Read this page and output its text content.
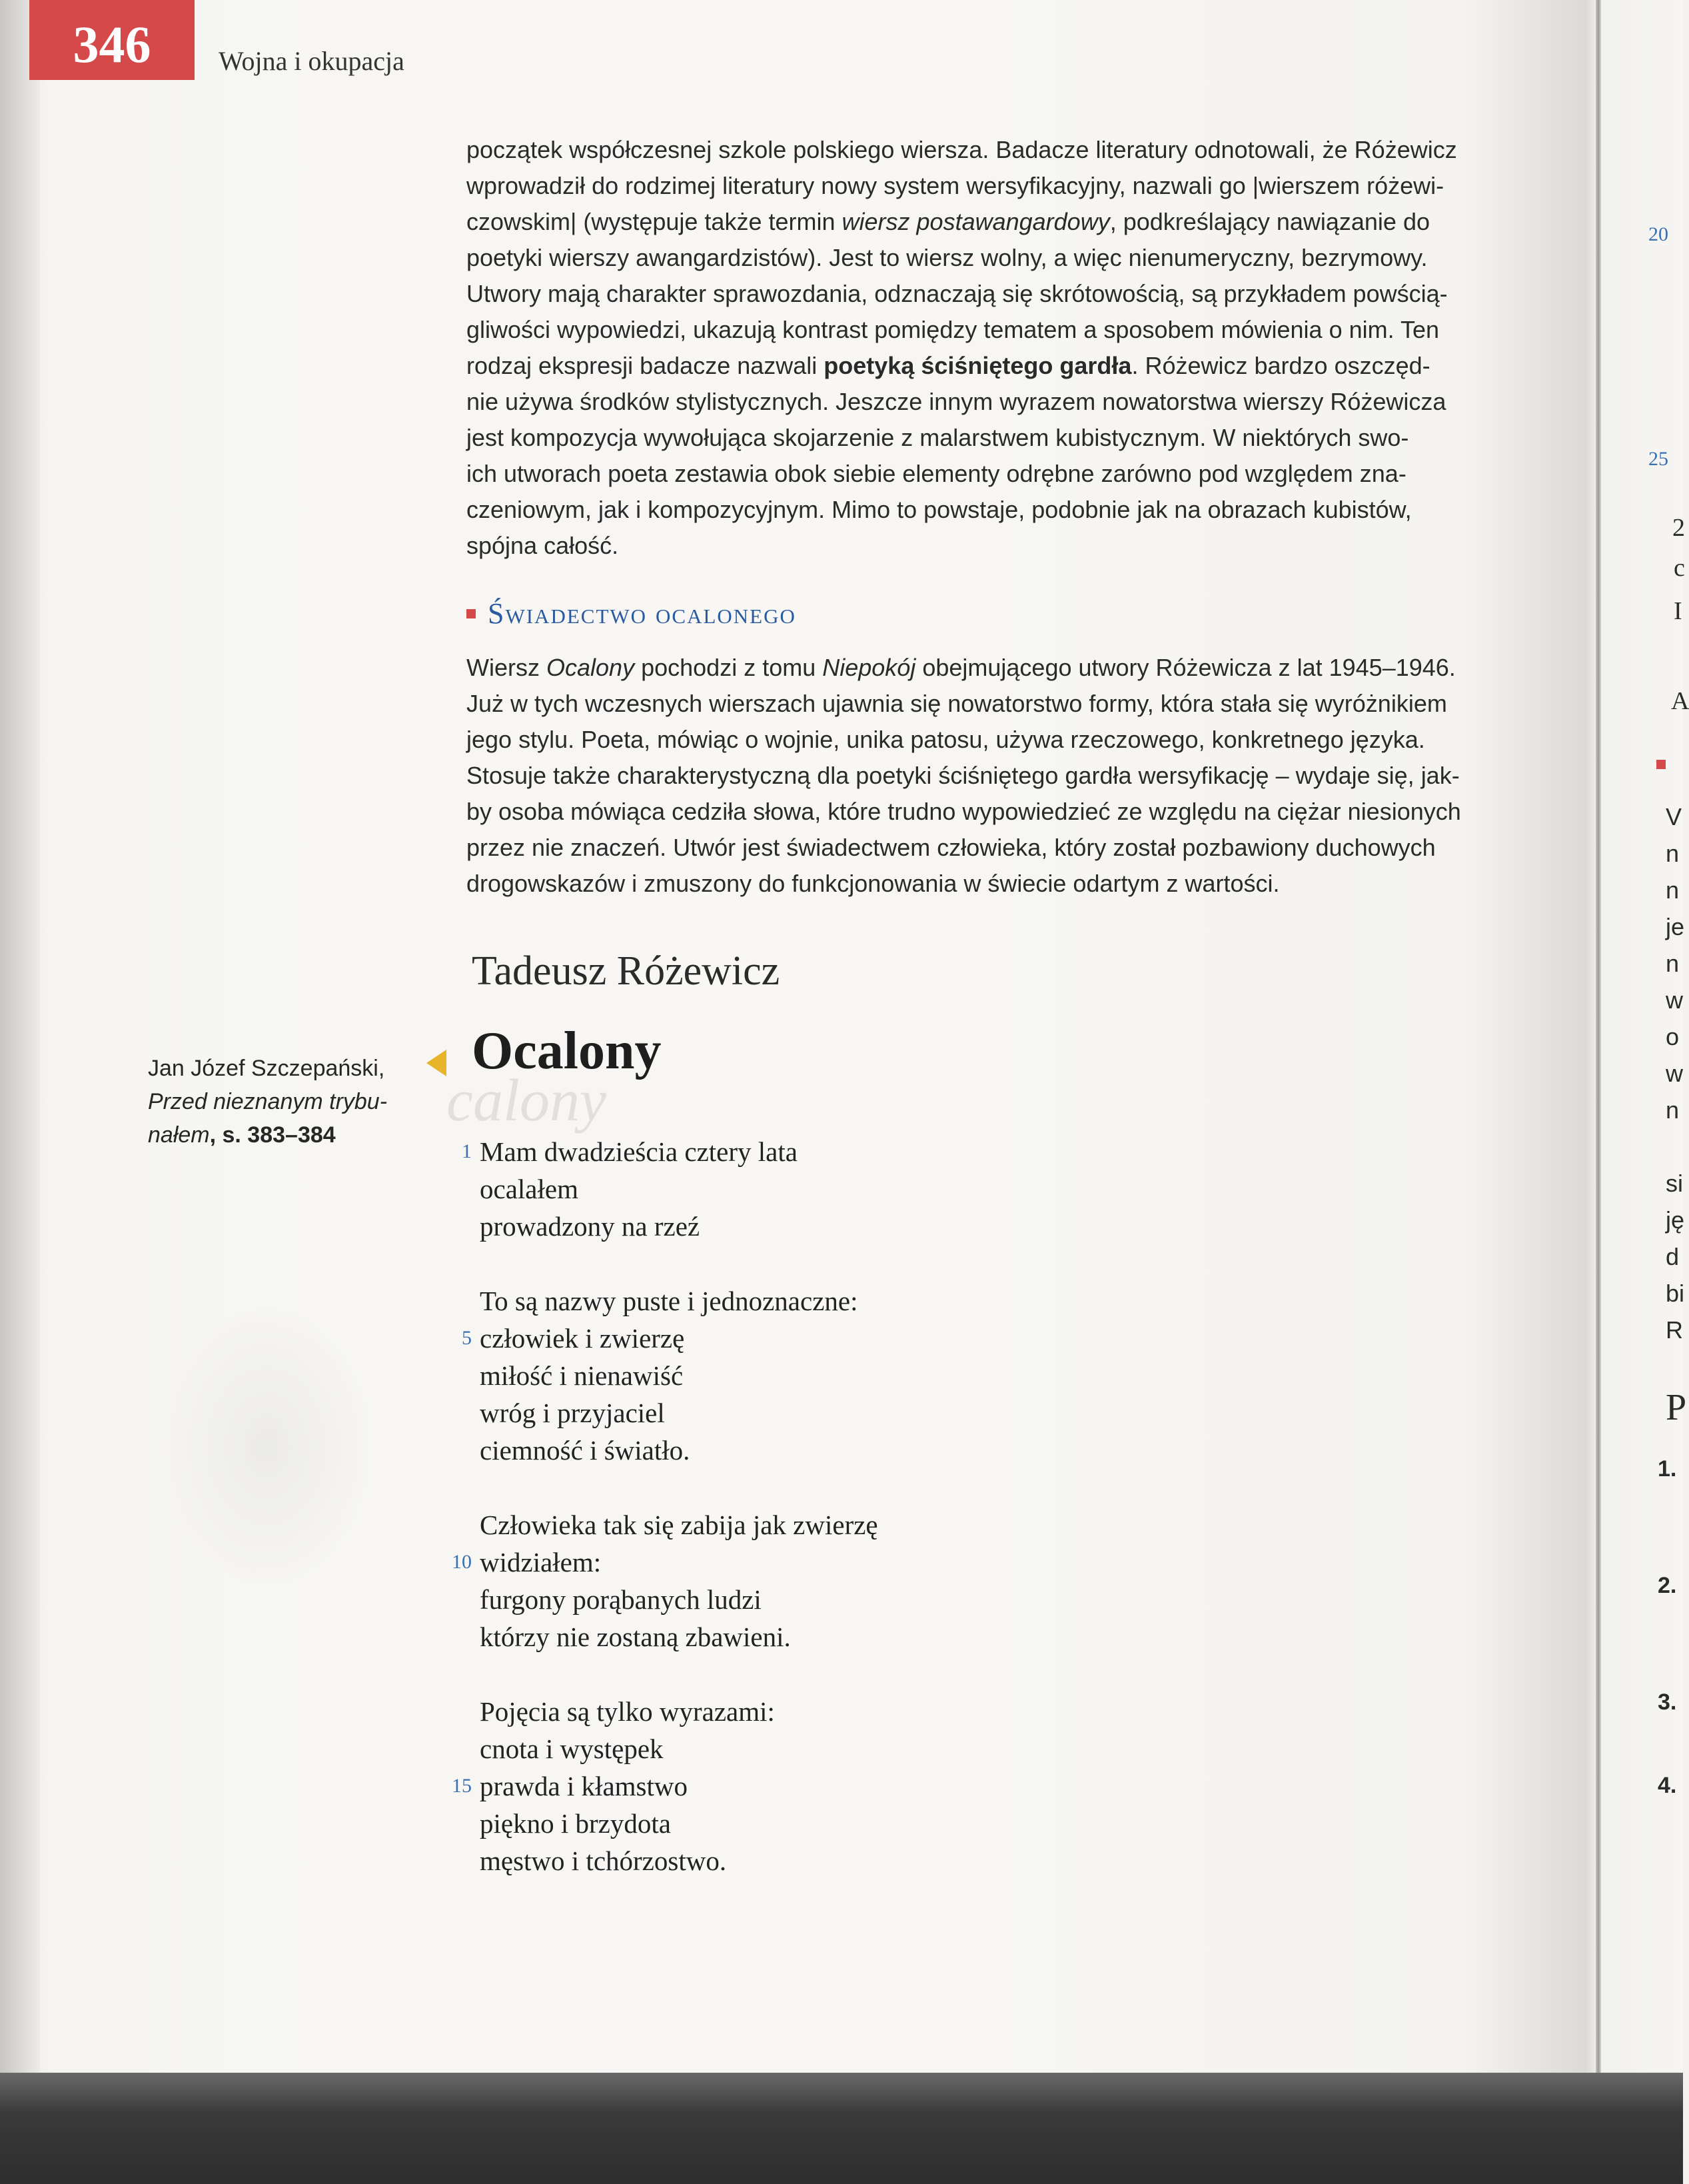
346	Wojna i okupacja
początek współczesnej szkole polskiego wiersza. Badacze literatury odnotowali, że Różewicz
wprowadził do rodzimej literatury nowy system wersyfikacyjny, nazwali go |wierszem różewi-
czowskim| (występuje także termin wiersz postawangardowy, podkreślający nawiązanie do
poetyki wierszy awangardzistów). Jest to wiersz wolny, a więc nienumeryczny, bezrymowy.
Utwory mają charakter sprawozdania, odznaczają się skrótowością, są przykładem powścią-
gliwości wypowiedzi, ukazują kontrast pomiędzy tematem a sposobem mówienia o nim. Ten
rodzaj ekspresji badacze nazwali poetyką ściśniętego gardła. Różewicz bardzo oszczęd-
nie używa środków stylistycznych. Jeszcze innym wyrazem nowatorstwa wierszy Różewicza
jest kompozycja wywołująca skojarzenie z malarstwem kubistycznym. W niektórych swo-
ich utworach poeta zestawia obok siebie elementy odrębne zarówno pod względem zna-
czeniowym, jak i kompozycyjnym. Mimo to powstaje, podobnie jak na obrazach kubistów,
spójna całość.
Świadectwo ocalonego
Wiersz Ocalony pochodzi z tomu Niepokój obejmującego utwory Różewicza z lat 1945–1946.
Już w tych wczesnych wierszach ujawnia się nowatorstwo formy, która stała się wyróżnikiem
jego stylu. Poeta, mówiąc o wojnie, unika patosu, używa rzeczowego, konkretnego języka.
Stosuje także charakterystyczną dla poetyki ściśniętego gardła wersyfikację – wydaje się, jak-
by osoba mówiąca cedziła słowa, które trudno wypowiedzieć ze względu na ciężar niesionych
przez nie znaczeń. Utwór jest świadectwem człowieka, który został pozbawiony duchowych
drogowskazów i zmuszony do funkcjonowania w świecie odartym z wartości.
Tadeusz Różewicz
calony
Ocalony
Jan Józef Szczepański,
Przed nieznanym trybu-
nałem, s. 383–384
1 Mam dwadzieścia cztery lata
ocalałem
prowadzony na rzeź
To są nazwy puste i jednoznaczne:
5 człowiek i zwierzę
miłość i nienawiść
wróg i przyjaciel
ciemność i światło.
Człowieka tak się zabija jak zwierzę
10 widziałem:
furgony porąbanych ludzi
którzy nie zostaną zbawieni.
Pojęcia są tylko wyrazami:
cnota i występek
15 prawda i kłamstwo
piękno i brzydota
męstwo i tchórzostwo.
20
25
2
c
I
A
P
V
n
n
je
n
w
o
w
n
si
ję
d
bi
R
1.
2.
3.
4.
